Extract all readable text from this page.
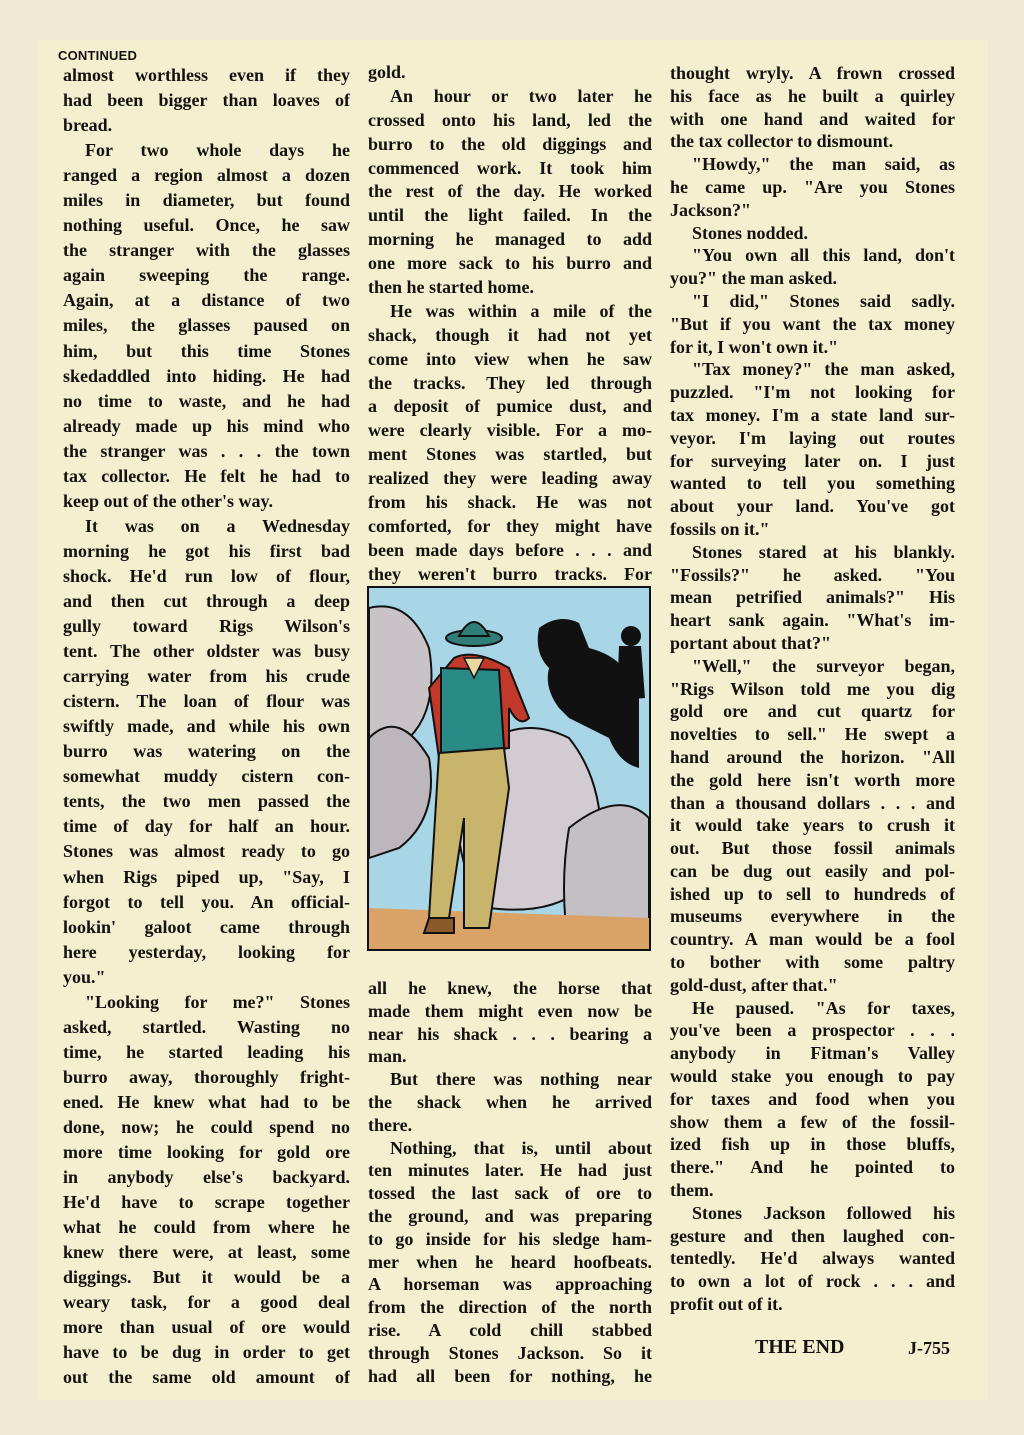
CONTINUED
almost worthless even if they
had been bigger than loaves of
bread.
For two whole days he
ranged a region almost a dozen
miles in diameter, but found
nothing useful. Once, he saw
the stranger with the glasses
again sweeping the range.
Again, at a distance of two
miles, the glasses paused on
him, but this time Stones
skedaddled into hiding. He had
no time to waste, and he had
already made up his mind who
the stranger was . . . the town
tax collector. He felt he had to
keep out of the other's way.
It was on a Wednesday
morning he got his first bad
shock. He'd run low of flour,
and then cut through a deep
gully toward Rigs Wilson's
tent. The other oldster was busy
carrying water from his crude
cistern. The loan of flour was
swiftly made, and while his own
burro was watering on the
somewhat muddy cistern con-
tents, the two men passed the
time of day for half an hour.
Stones was almost ready to go
when Rigs piped up, "Say, I
forgot to tell you. An official-
lookin' galoot came through
here yesterday, looking for
you."
"Looking for me?" Stones
asked, startled. Wasting no
time, he started leading his
burro away, thoroughly fright-
ened. He knew what had to be
done, now; he could spend no
more time looking for gold ore
in anybody else's backyard.
He'd have to scrape together
what he could from where he
knew there were, at least, some
diggings. But it would be a
weary task, for a good deal
more than usual of ore would
have to be dug in order to get
out the same old amount of
gold.
An hour or two later he
crossed onto his land, led the
burro to the old diggings and
commenced work. It took him
the rest of the day. He worked
until the light failed. In the
morning he managed to add
one more sack to his burro and
then he started home.
He was within a mile of the
shack, though it had not yet
come into view when he saw
the tracks. They led through
a deposit of pumice dust, and
were clearly visible. For a mo-
ment Stones was startled, but
realized they were leading away
from his shack. He was not
comforted, for they might have
been made days before . . . and
they weren't burro tracks. For
all he knew, the horse that
made them might even now be
near his shack . . . bearing a
man.
But there was nothing near
the shack when he arrived
there.
Nothing, that is, until about
ten minutes later. He had just
tossed the last sack of ore to
the ground, and was preparing
to go inside for his sledge ham-
mer when he heard hoofbeats.
A horseman was approaching
from the direction of the north
rise. A cold chill stabbed
through Stones Jackson. So it
had all been for nothing, he
thought wryly. A frown crossed
his face as he built a quirley
with one hand and waited for
the tax collector to dismount.
"Howdy," the man said, as
he came up. "Are you Stones
Jackson?"
Stones nodded.
"You own all this land, don't
you?" the man asked.
"I did," Stones said sadly.
"But if you want the tax money
for it, I won't own it."
"Tax money?" the man asked,
puzzled. "I'm not looking for
tax money. I'm a state land sur-
veyor. I'm laying out routes
for surveying later on. I just
wanted to tell you something
about your land. You've got
fossils on it."
Stones stared at his blankly.
"Fossils?" he asked. "You
mean petrified animals?" His
heart sank again. "What's im-
portant about that?"
"Well," the surveyor began,
"Rigs Wilson told me you dig
gold ore and cut quartz for
novelties to sell." He swept a
hand around the horizon. "All
the gold here isn't worth more
than a thousand dollars . . . and
it would take years to crush it
out. But those fossil animals
can be dug out easily and pol-
ished up to sell to hundreds of
museums everywhere in the
country. A man would be a fool
to bother with some paltry
gold-dust, after that."
He paused. "As for taxes,
you've been a prospector . . .
anybody in Fitman's Valley
would stake you enough to pay
for taxes and food when you
show them a few of the fossil-
ized fish up in those bluffs,
there." And he pointed to
them.
Stones Jackson followed his
gesture and then laughed con-
tentedly. He'd always wanted
to own a lot of rock . . . and
profit out of it.
THE END	J-755
